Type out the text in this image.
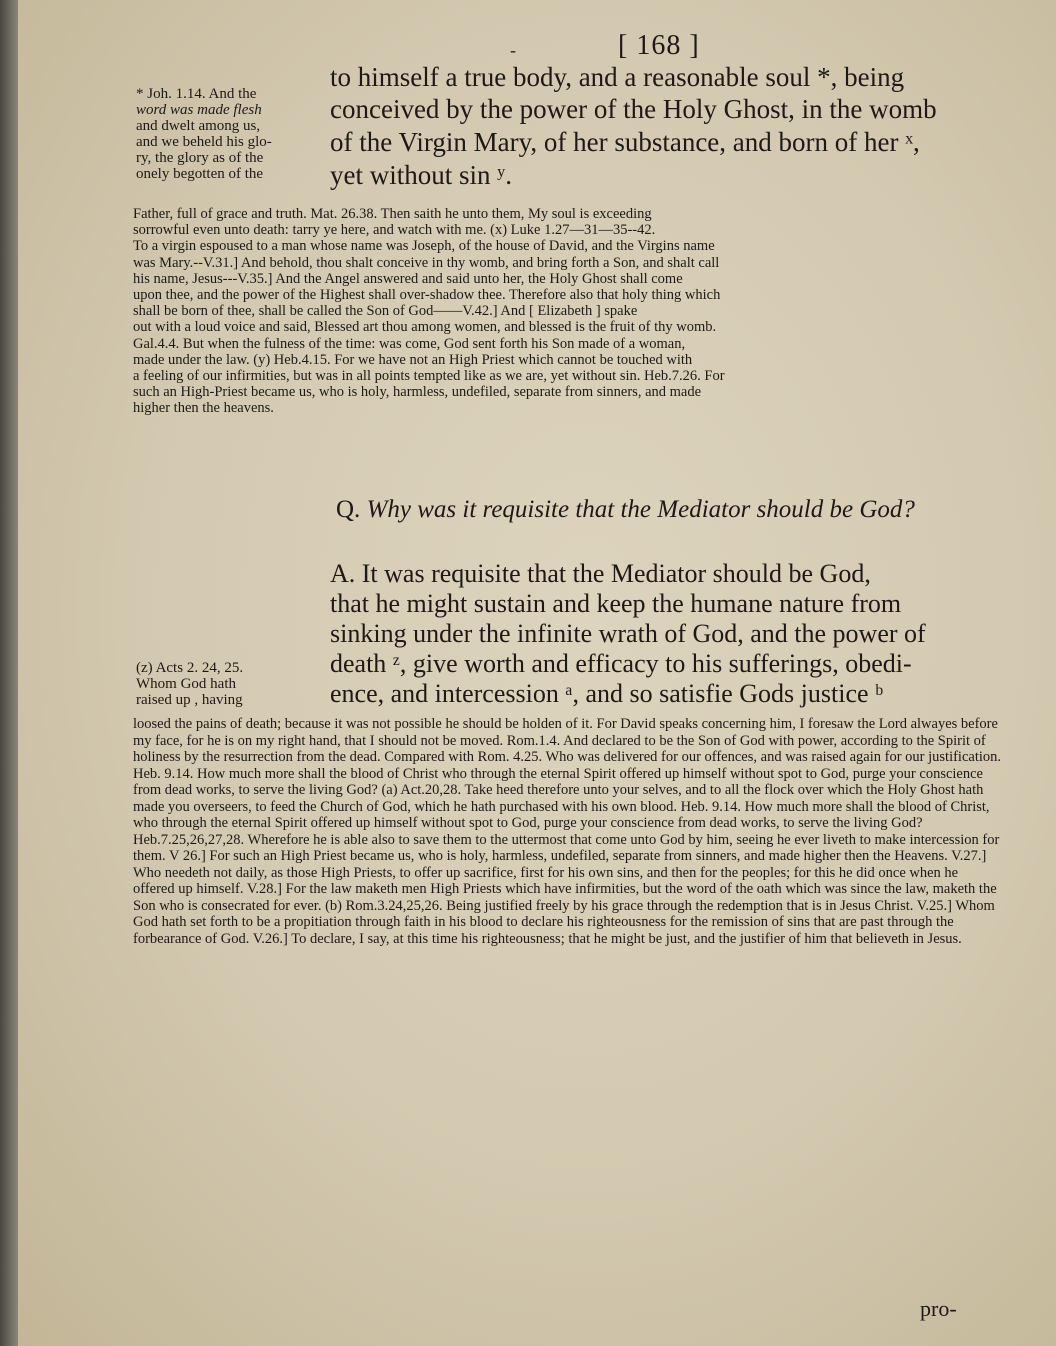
-	[ 168 ]
to himself a true body, and a reasonable soul *, being
conceived by the power of the Holy Ghost, in the womb
of the Virgin Mary, of her substance, and born of her ˣ,
yet without sin ʸ.
* Joh. 1.14. And the
word was made flesh
and dwelt among us,
and we beheld his glo-
ry, the glory as of the
onely begotten of the
Father, full of grace and truth. Mat. 26.38. Then saith he unto them, My soul is exceeding
sorrowful even unto death: tarry ye here, and watch with me. (x) Luke 1.27—31—35--42.
To a virgin espoused to a man whose name was Joseph, of the house of David, and the Virgins name
was Mary.--V.31.] And behold, thou shalt conceive in thy womb, and bring forth a Son, and shalt call
his name, Jesus---V.35.] And the Angel answered and said unto her, the Holy Ghost shall come
upon thee, and the power of the Highest shall over-shadow thee. Therefore also that holy thing which
shall be born of thee, shall be called the Son of God——V.42.] And [ Elizabeth ] spake
out with a loud voice and said, Blessed art thou among women, and blessed is the fruit of thy womb.
Gal.4.4. But when the fulness of the time: was come, God sent forth his Son made of a woman,
made under the law. (y) Heb.4.15. For we have not an High Priest which cannot be touched with
a feeling of our infirmities, but was in all points tempted like as we are, yet without sin. Heb.7.26. For
such an High-Priest became us, who is holy, harmless, undefiled, separate from sinners, and made
higher then the heavens.
Q. Why was it requisite that the Mediator should be God?
A. It was requisite that the Mediator should be God,
that he might sustain and keep the humane nature from
sinking under the infinite wrath of God, and the power of
death ᶻ, give worth and efficacy to his sufferings, obedi-
ence, and intercession ᵃ, and so satisfie Gods justice ᵇ
(z) Acts 2. 24, 25.
Whom God hath
raised up , having
loosed the pains of death; because it was not possible he should be holden of it. For David speaks concerning him, I foresaw the Lord alwayes before my face, for he is on my right hand, that I should not be moved. Rom.1.4. And declared to be the Son of God with power, according to the Spirit of holiness by the resurrection from the dead. Compared with Rom. 4.25. Who was delivered for our offences, and was raised again for our justification. Heb. 9.14. How much more shall the blood of Christ who through the eternal Spirit offered up himself without spot to God, purge your conscience from dead works, to serve the living God? (a) Act.20,28. Take heed therefore unto your selves, and to all the flock over which the Holy Ghost hath made you overseers, to feed the Church of God, which he hath purchased with his own blood. Heb. 9.14. How much more shall the blood of Christ, who through the eternal Spirit offered up himself without spot to God, purge your conscience from dead works, to serve the living God? Heb.7.25,26,27,28. Wherefore he is able also to save them to the uttermost that come unto God by him, seeing he ever liveth to make intercession for them. V 26.] For such an High Priest became us, who is holy, harmless, undefiled, separate from sinners, and made higher then the Heavens. V.27.] Who needeth not daily, as those High Priests, to offer up sacrifice, first for his own sins, and then for the peoples; for this he did once when he offered up himself. V.28.] For the law maketh men High Priests which have infirmities, but the word of the oath which was since the law, maketh the Son who is consecrated for ever. (b) Rom.3.24,25,26. Being justified freely by his grace through the redemption that is in Jesus Christ. V.25.] Whom God hath set forth to be a propitiation through faith in his blood to declare his righteousness for the remission of sins that are past through the forbearance of God. V.26.] To declare, I say, at this time his righteousness; that he might be just, and the justifier of him that believeth in Jesus.
pro-
